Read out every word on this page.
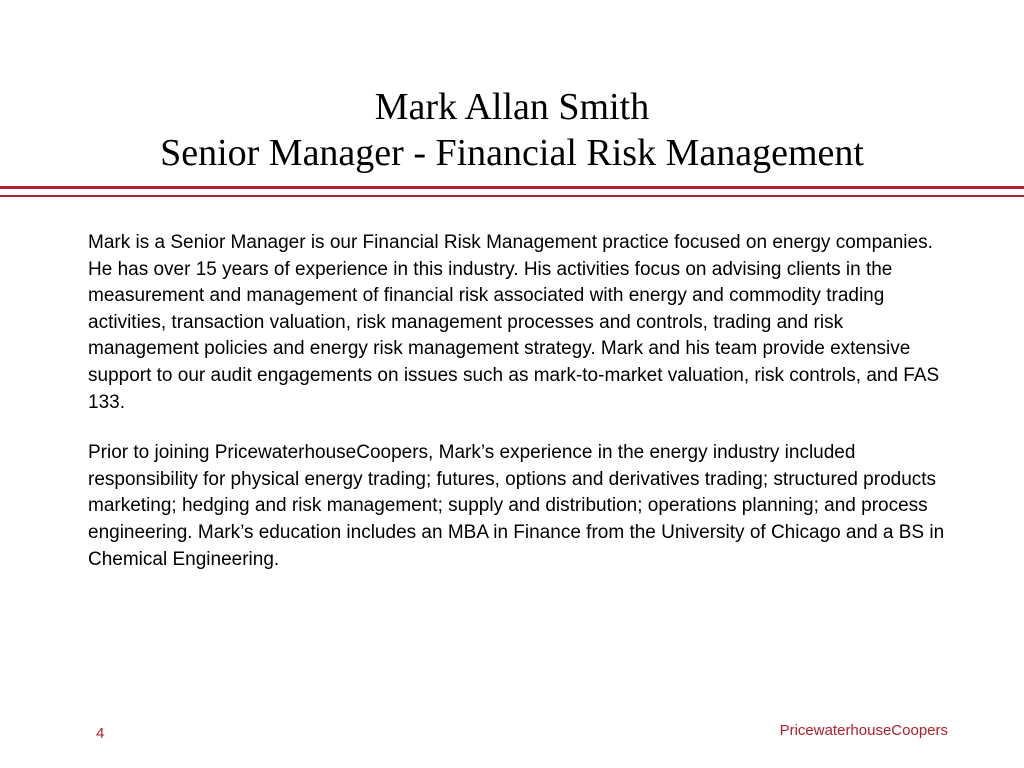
Mark Allan Smith
Senior Manager - Financial Risk Management

Mark is a Senior Manager is our Financial Risk Management practice focused on energy companies. He has over 15 years of experience in this industry. His activities focus on advising clients in the measurement and management of financial risk associated with energy and commodity trading activities, transaction valuation, risk management processes and controls, trading and risk management policies and energy risk management strategy. Mark and his team provide extensive support to our audit engagements on issues such as mark-to-market valuation, risk controls, and FAS 133.

Prior to joining PricewaterhouseCoopers, Mark’s experience in the energy industry included responsibility for physical energy trading; futures, options and derivatives trading; structured products marketing; hedging and risk management; supply and distribution; operations planning; and process engineering. Mark’s education includes an MBA in Finance from the University of Chicago and a BS in Chemical Engineering.

4	PricewaterhouseCoopers
